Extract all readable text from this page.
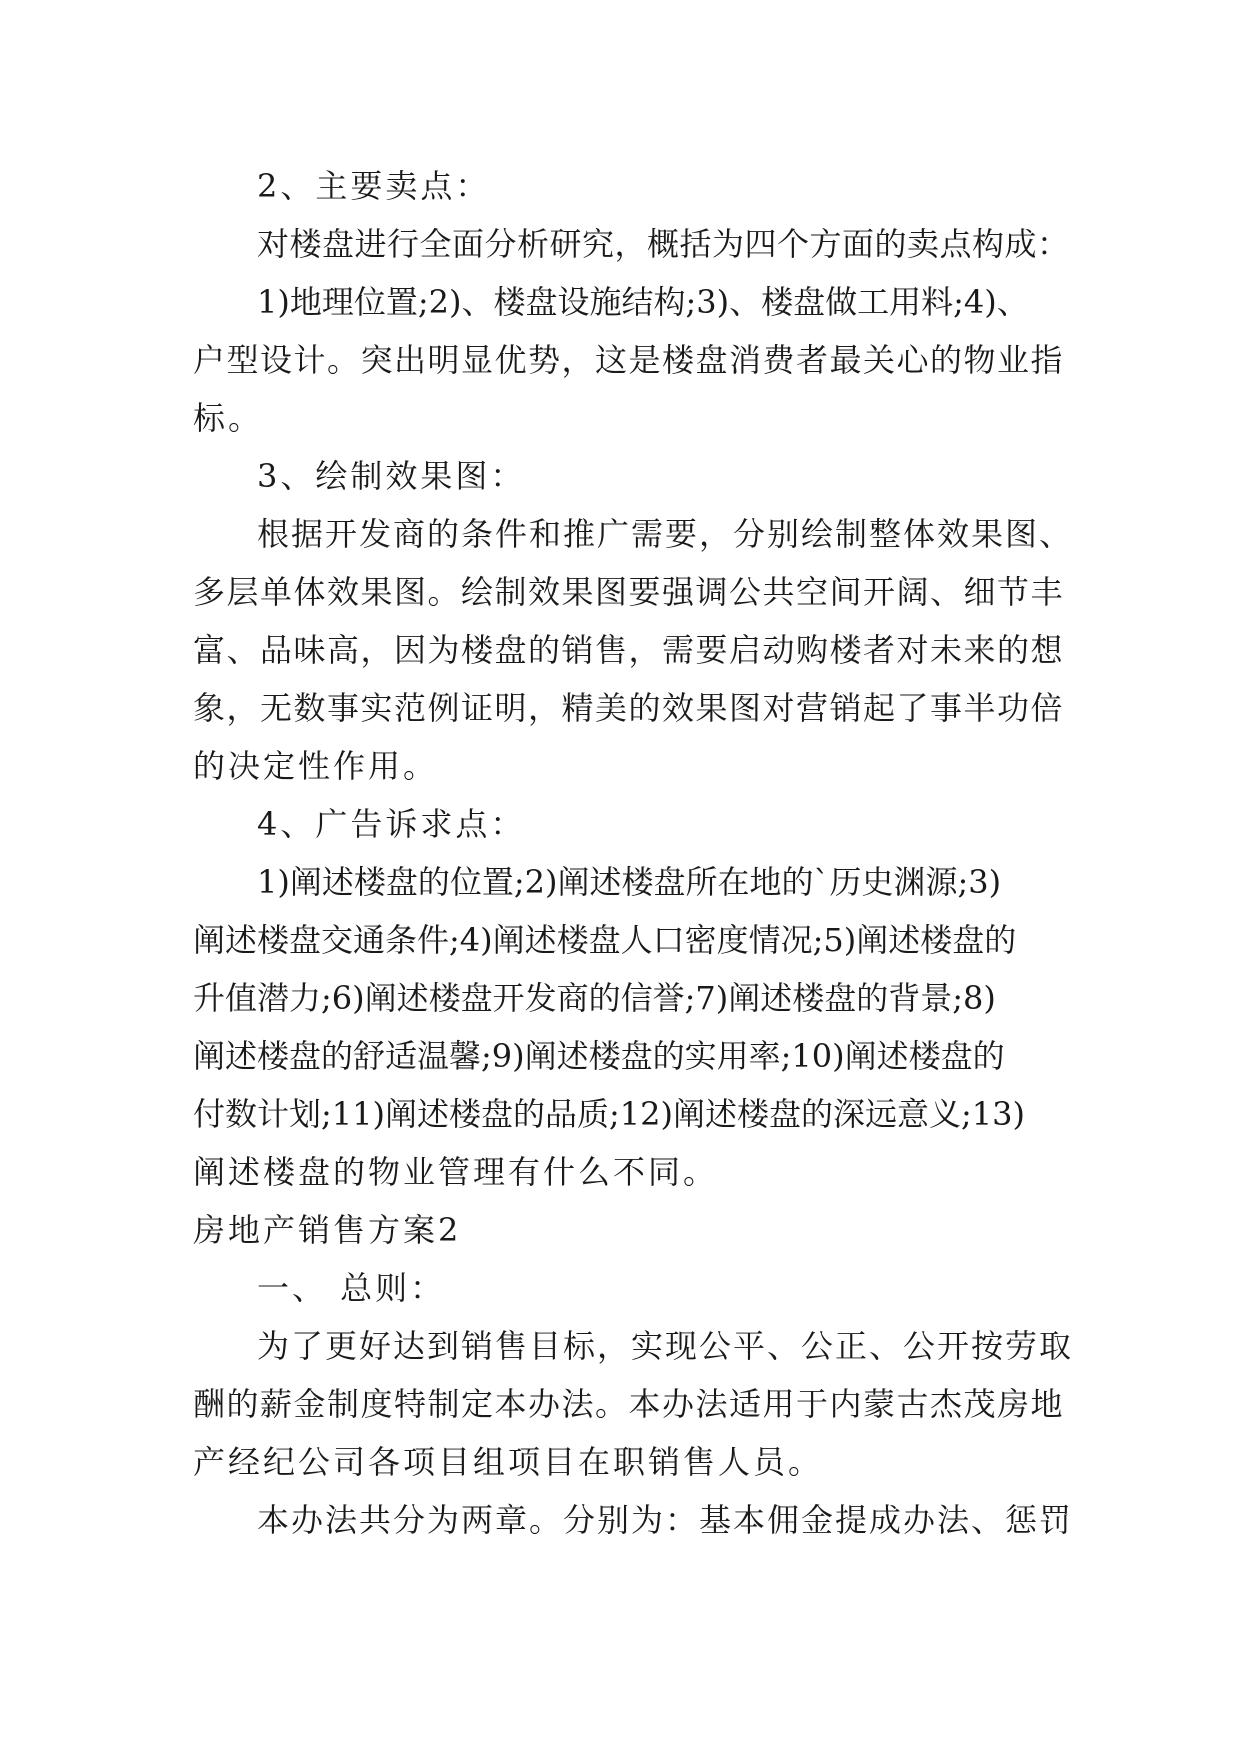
2、主要卖点：
对楼盘进行全面分析研究，概括为四个方面的卖点构成：
1)地理位置;2)、楼盘设施结构;3)、楼盘做工用料;4)、
户型设计。突出明显优势，这是楼盘消费者最关心的物业指
标。
3、绘制效果图：
根据开发商的条件和推广需要，分别绘制整体效果图、
多层单体效果图。绘制效果图要强调公共空间开阔、细节丰
富、品味高，因为楼盘的销售，需要启动购楼者对未来的想
象，无数事实范例证明，精美的效果图对营销起了事半功倍
的决定性作用。
4、广告诉求点：
1)阐述楼盘的位置;2)阐述楼盘所在地的`历史渊源;3)
阐述楼盘交通条件;4)阐述楼盘人口密度情况;5)阐述楼盘的
升值潜力;6)阐述楼盘开发商的信誉;7)阐述楼盘的背景;8)
阐述楼盘的舒适温馨;9)阐述楼盘的实用率;10)阐述楼盘的
付数计划;11)阐述楼盘的品质;12)阐述楼盘的深远意义;13)
阐述楼盘的物业管理有什么不同。
房地产销售方案2
一、 总则：
为了更好达到销售目标，实现公平、公正、公开按劳取
酬的薪金制度特制定本办法。本办法适用于内蒙古杰茂房地
产经纪公司各项目组项目在职销售人员。
本办法共分为两章。分别为：基本佣金提成办法、惩罚
